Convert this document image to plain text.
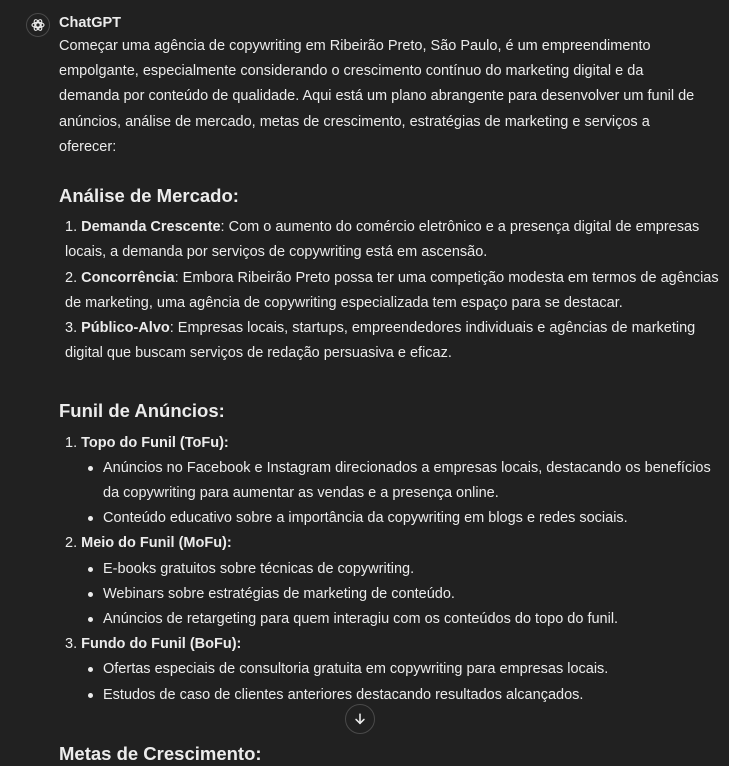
ChatGPT

Começar uma agência de copywriting em Ribeirão Preto, São Paulo, é um empreendimento empolgante, especialmente considerando o crescimento contínuo do marketing digital e da demanda por conteúdo de qualidade. Aqui está um plano abrangente para desenvolver um funil de anúncios, análise de mercado, metas de crescimento, estratégias de marketing e serviços a oferecer:

Análise de Mercado:
1. Demanda Crescente: Com o aumento do comércio eletrônico e a presença digital de empresas locais, a demanda por serviços de copywriting está em ascensão.
2. Concorrência: Embora Ribeirão Preto possa ter uma competição modesta em termos de agências de marketing, uma agência de copywriting especializada tem espaço para se destacar.
3. Público-Alvo: Empresas locais, startups, empreendedores individuais e agências de marketing digital que buscam serviços de redação persuasiva e eficaz.
Funil de Anúncios:
1. Topo do Funil (ToFu):
Anúncios no Facebook e Instagram direcionados a empresas locais, destacando os benefícios da copywriting para aumentar as vendas e a presença online.
Conteúdo educativo sobre a importância da copywriting em blogs e redes sociais.
2. Meio do Funil (MoFu):
E-books gratuitos sobre técnicas de copywriting.
Webinars sobre estratégias de marketing de conteúdo.
Anúncios de retargeting para quem interagiu com os conteúdos do topo do funil.
3. Fundo do Funil (BoFu):
Ofertas especiais de consultoria gratuita em copywriting para empresas locais.
Estudos de caso de clientes anteriores destacando resultados alcançados.
Metas de Crescimento:
